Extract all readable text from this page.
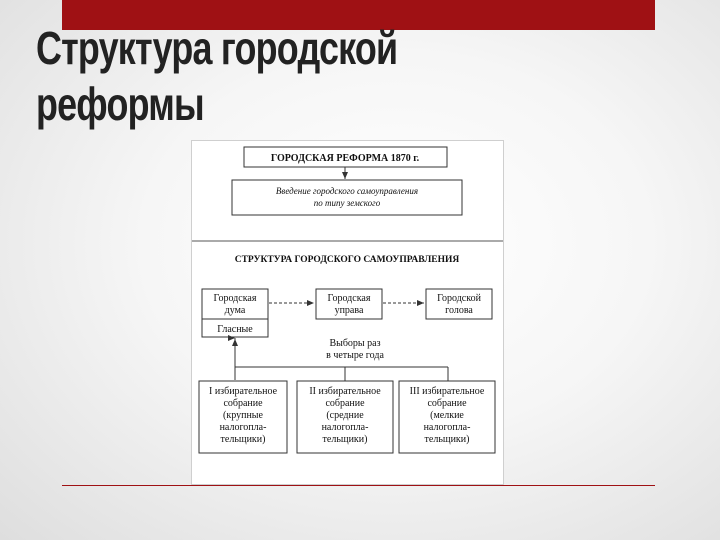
Структура городской
реформы
ГОРОДСКАЯ РЕФОРМА 1870 г.
Введение городского самоуправления
по типу земского
СТРУКТУРА ГОРОДСКОГО САМОУПРАВЛЕНИЯ
Городская
дума
Гласные
Городская
управа
Городской
голова
Выборы раз
в четыре года
I избирательное
собрание
(крупные
налогопла-
тельщики)
II избирательное
собрание
(средние
налогопла-
тельщики)
III избирательное
собрание
(мелкие
налогопла-
тельщики)
